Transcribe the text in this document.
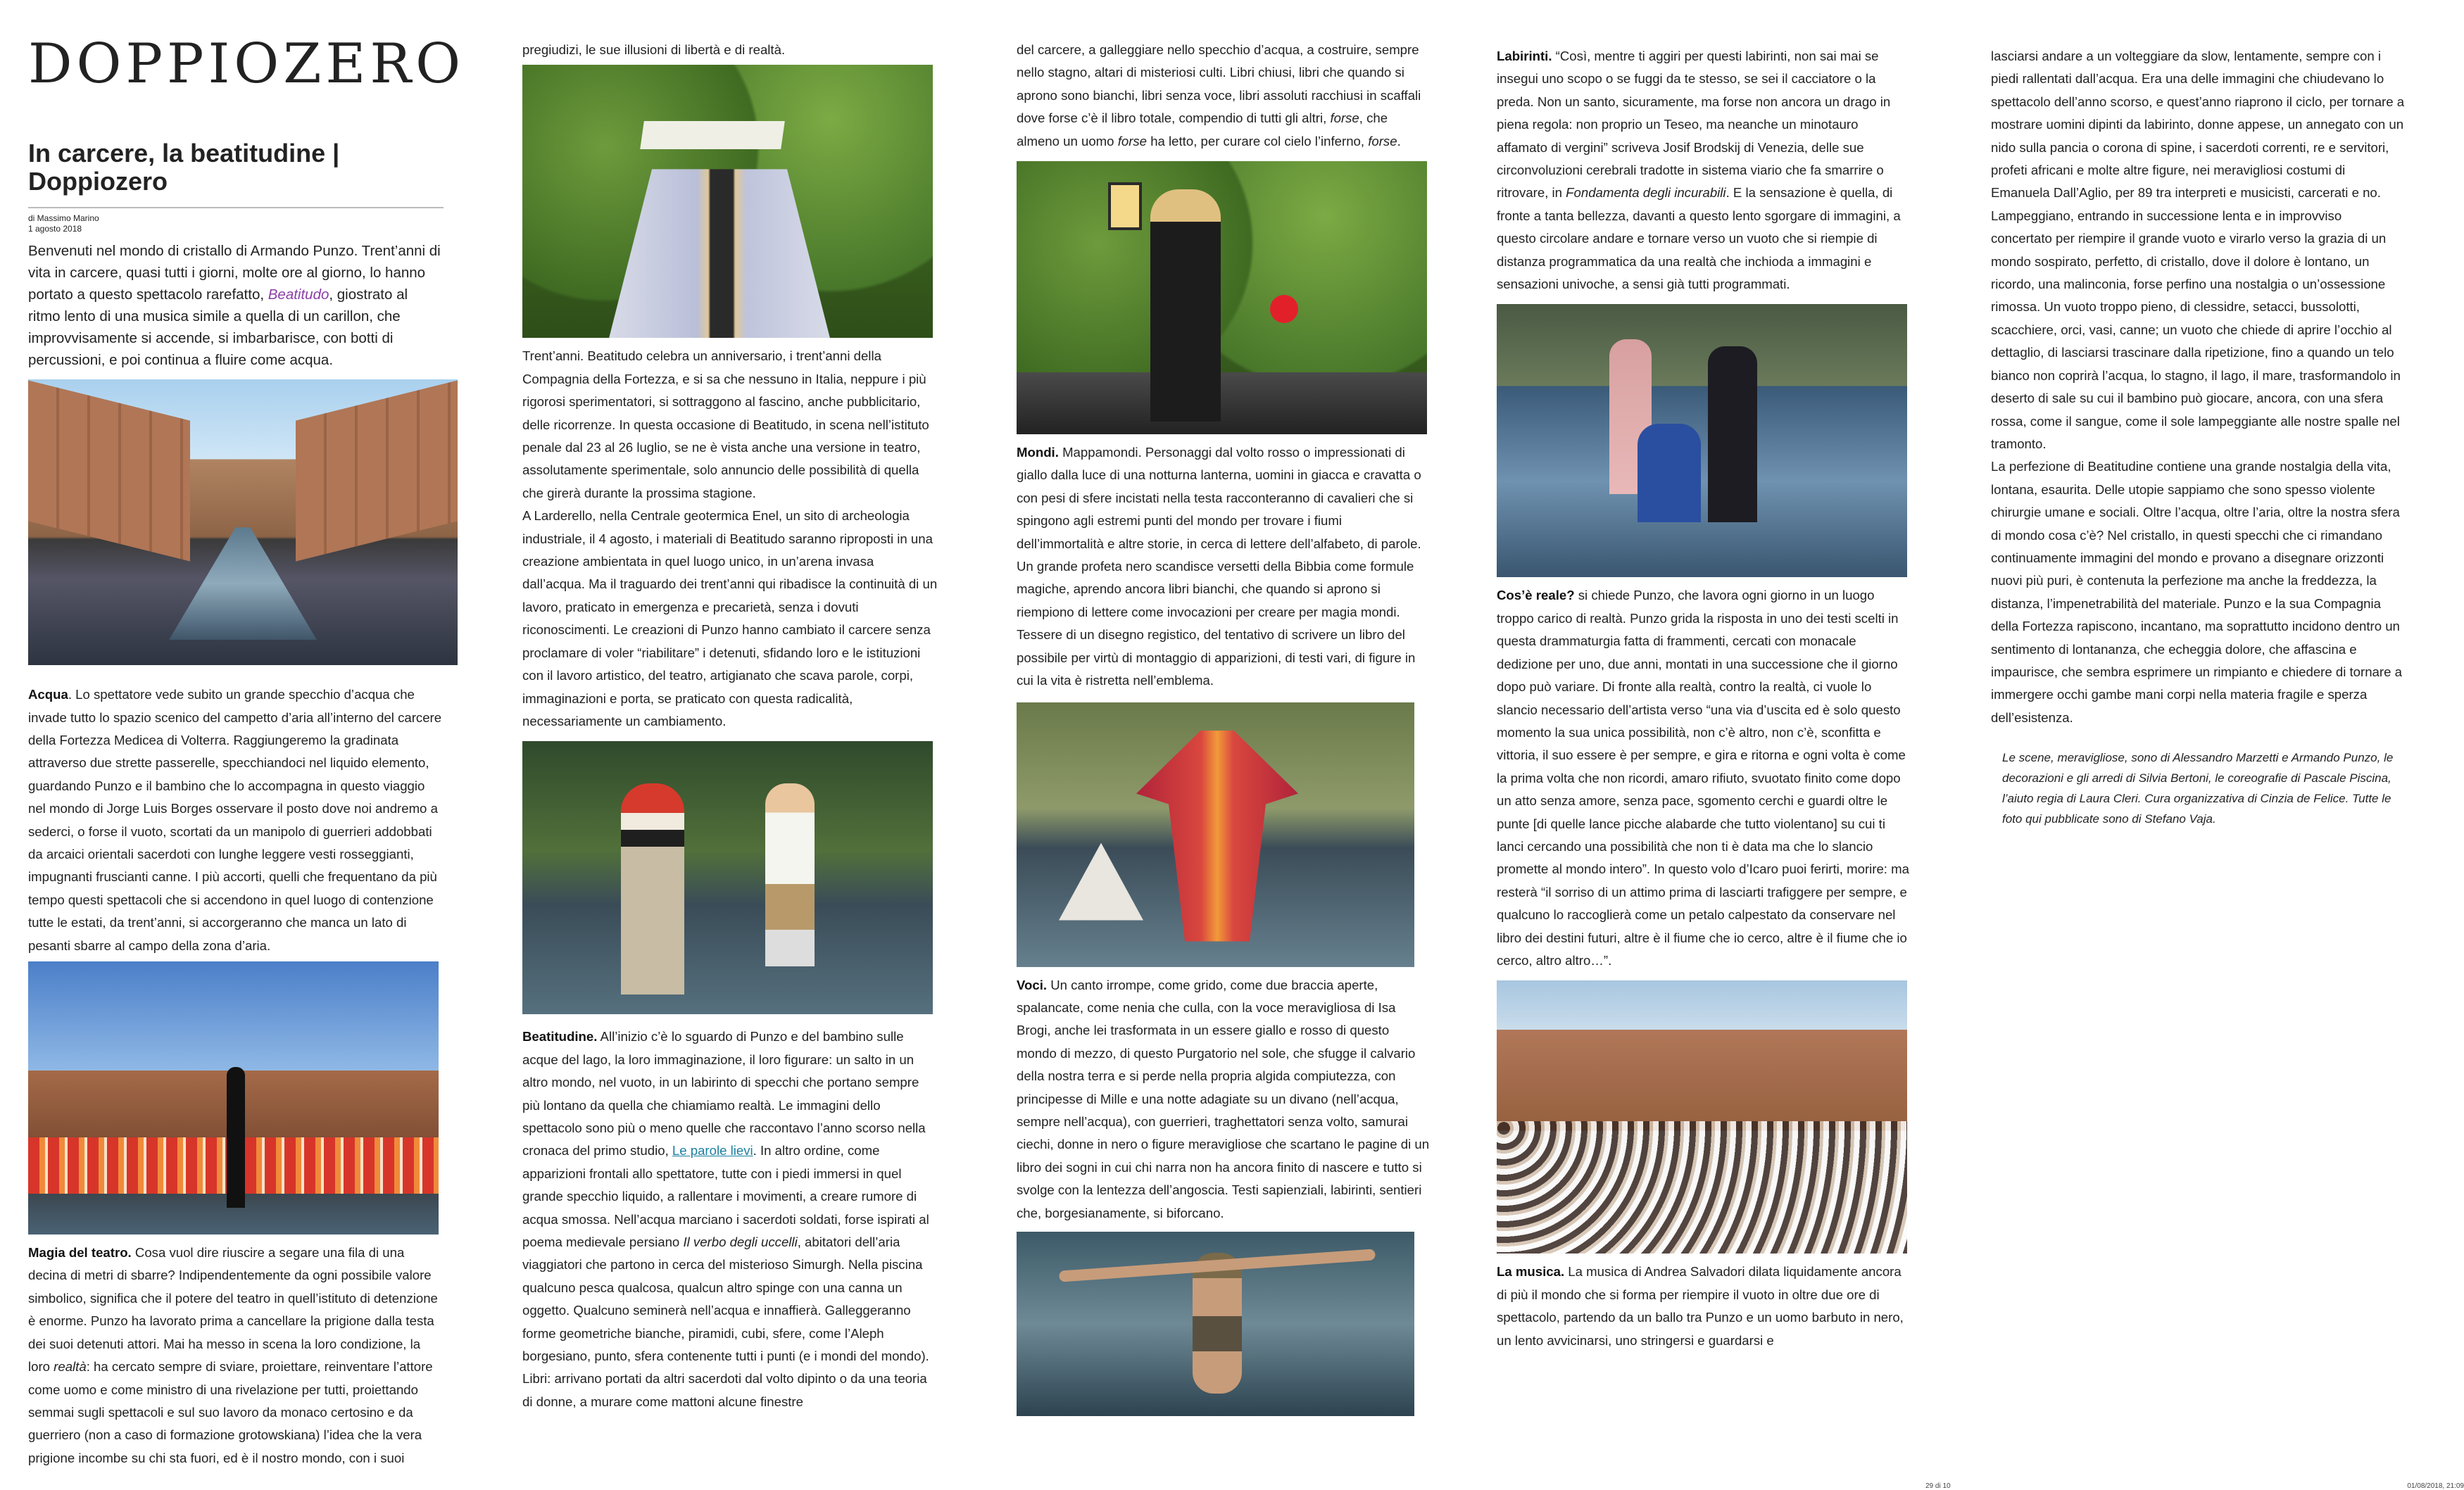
DOPPIOZERO
In carcere, la beatitudine | Doppiozero
di Massimo Marino
1 agosto 2018

Benvenuti nel mondo di cristallo di Armando Punzo. Trent’anni di vita in carcere, quasi tutti i giorni, molte ore al giorno, lo hanno portato a questo spettacolo rarefatto, Beatitudo, giostrato al ritmo lento di una musica simile a quella di un carillon, che improvvisamente si accende, si imbarbarisce, con botti di percussioni, e poi continua a fluire come acqua.

Acqua. Lo spettatore vede subito un grande specchio d’acqua che invade tutto lo spazio scenico del campetto d’aria all’interno del carcere della Fortezza Medicea di Volterra. Raggiungeremo la gradinata attraverso due strette passerelle, specchiandoci nel liquido elemento, guardando Punzo e il bambino che lo accompagna in questo viaggio nel mondo di Jorge Luis Borges osservare il posto dove noi andremo a sederci, o forse il vuoto, scortati da un manipolo di guerrieri addobbati da arcaici orientali sacerdoti con lunghe leggere vesti rosseggianti, impugnanti fruscianti canne. I più accorti, quelli che frequentano da più tempo questi spettacoli che si accendono in quel luogo di contenzione tutte le estati, da trent’anni, si accorgeranno che manca un lato di pesanti sbarre al campo della zona d’aria.

Magia del teatro. Cosa vuol dire riuscire a segare una fila di una decina di metri di sbarre? Indipendentemente da ogni possibile valore simbolico, significa che il potere del teatro in quell’istituto di detenzione è enorme. Punzo ha lavorato prima a cancellare la prigione dalla testa dei suoi detenuti attori. Mai ha messo in scena la loro condizione, la loro realtà: ha cercato sempre di sviare, proiettare, reinventare l’attore come uomo e come ministro di una rivelazione per tutti, proiettando semmai sugli spettacoli e sul suo lavoro da monaco certosino e da guerriero (non a caso di formazione grotowskiana) l’idea che la vera prigione incombe su chi sta fuori, ed è il nostro mondo, con i suoi

pregiudizi, le sue illusioni di libertà e di realtà.

Trent’anni. Beatitudo celebra un anniversario, i trent’anni della Compagnia della Fortezza, e si sa che nessuno in Italia, neppure i più rigorosi sperimentatori, si sottraggono al fascino, anche pubblicitario, delle ricorrenze. In questa occasione di Beatitudo, in scena nell’istituto penale dal 23 al 26 luglio, se ne è vista anche una versione in teatro, assolutamente sperimentale, solo annuncio delle possibilità di quella che girerà durante la prossima stagione.

A Larderello, nella Centrale geotermica Enel, un sito di archeologia industriale, il 4 agosto, i materiali di Beatitudo saranno riproposti in una creazione ambientata in quel luogo unico, in un’arena invasa dall’acqua. Ma il traguardo dei trent’anni qui ribadisce la continuità di un lavoro, praticato in emergenza e precarietà, senza i dovuti riconoscimenti. Le creazioni di Punzo hanno cambiato il carcere senza proclamare di voler “riabilitare” i detenuti, sfidando loro e le istituzioni con il lavoro artistico, del teatro, artigianato che scava parole, corpi, immaginazioni e porta, se praticato con questa radicalità, necessariamente un cambiamento.

Beatitudine. All’inizio c’è lo sguardo di Punzo e del bambino sulle acque del lago, la loro immaginazione, il loro figurare: un salto in un altro mondo, nel vuoto, in un labirinto di specchi che portano sempre più lontano da quella che chiamiamo realtà. Le immagini dello spettacolo sono più o meno quelle che raccontavo l’anno scorso nella cronaca del primo studio, Le parole lievi. In altro ordine, come apparizioni frontali allo spettatore, tutte con i piedi immersi in quel grande specchio liquido, a rallentare i movimenti, a creare rumore di acqua smossa. Nell’acqua marciano i sacerdoti soldati, forse ispirati al poema medievale persiano Il verbo degli uccelli, abitatori dell’aria viaggiatori che partono in cerca del misterioso Simurgh. Nella piscina qualcuno pesca qualcosa, qualcun altro spinge con una canna un oggetto. Qualcuno seminerà nell’acqua e innaffierà. Galleggeranno forme geometriche bianche, piramidi, cubi, sfere, come l’Aleph borgesiano, punto, sfera contenente tutti i punti (e i mondi del mondo). Libri: arrivano portati da altri sacerdoti dal volto dipinto o da una teoria di donne, a murare come mattoni alcune finestre

del carcere, a galleggiare nello specchio d’acqua, a costruire, sempre nello stagno, altari di misteriosi culti. Libri chiusi, libri che quando si aprono sono bianchi, libri senza voce, libri assoluti racchiusi in scaffali dove forse c’è il libro totale, compendio di tutti gli altri, forse, che almeno un uomo forse ha letto, per curare col cielo l’inferno, forse.

Mondi. Mappamondi. Personaggi dal volto rosso o impressionati di giallo dalla luce di una notturna lanterna, uomini in giacca e cravatta o con pesi di sfere incistati nella testa racconteranno di cavalieri che si spingono agli estremi punti del mondo per trovare i fiumi dell’immortalità e altre storie, in cerca di lettere dell’alfabeto, di parole. Un grande profeta nero scandisce versetti della Bibbia come formule magiche, aprendo ancora libri bianchi, che quando si aprono si riempiono di lettere come invocazioni per creare per magia mondi. Tessere di un disegno registico, del tentativo di scrivere un libro del possibile per virtù di montaggio di apparizioni, di testi vari, di figure in cui la vita è ristretta nell’emblema.

Voci. Un canto irrompe, come grido, come due braccia aperte, spalancate, come nenia che culla, con la voce meravigliosa di Isa Brogi, anche lei trasformata in un essere giallo e rosso di questo mondo di mezzo, di questo Purgatorio nel sole, che sfugge il calvario della nostra terra e si perde nella propria algida compiutezza, con principesse di Mille e una notte adagiate su un divano (nell’acqua, sempre nell’acqua), con guerrieri, traghettatori senza volto, samurai ciechi, donne in nero o figure meravigliose che scartano le pagine di un libro dei sogni in cui chi narra non ha ancora finito di nascere e tutto si svolge con la lentezza dell’angoscia. Testi sapienziali, labirinti, sentieri che, borgesianamente, si biforcano.

Labirinti. “Così, mentre ti aggiri per questi labirinti, non sai mai se insegui uno scopo o se fuggi da te stesso, se sei il cacciatore o la preda. Non un santo, sicuramente, ma forse non ancora un drago in piena regola: non proprio un Teseo, ma neanche un minotauro affamato di vergini” scriveva Josif Brodskij di Venezia, delle sue circonvoluzioni cerebrali tradotte in sistema viario che fa smarrire o ritrovare, in Fondamenta degli incurabili. E la sensazione è quella, di fronte a tanta bellezza, davanti a questo lento sgorgare di immagini, a questo circolare andare e tornare verso un vuoto che si riempie di distanza programmatica da una realtà che inchioda a immagini e sensazioni univoche, a sensi già tutti programmati.

Cos’è reale? si chiede Punzo, che lavora ogni giorno in un luogo troppo carico di realtà. Punzo grida la risposta in uno dei testi scelti in questa drammaturgia fatta di frammenti, cercati con monacale dedizione per uno, due anni, montati in una successione che il giorno dopo può variare. Di fronte alla realtà, contro la realtà, ci vuole lo slancio necessario dell’artista verso “una via d’uscita ed è solo questo momento la sua unica possibilità, non c’è altro, non c’è, sconfitta e vittoria, il suo essere è per sempre, e gira e ritorna e ogni volta è come la prima volta che non ricordi, amaro rifiuto, svuotato finito come dopo un atto senza amore, senza pace, sgomento cerchi e guardi oltre le punte [di quelle lance picche alabarde che tutto violentano] su cui ti lanci cercando una possibilità che non ti è data ma che lo slancio promette al mondo intero”. In questo volo d’Icaro puoi ferirti, morire: ma resterà “il sorriso di un attimo prima di lasciarti trafiggere per sempre, e qualcuno lo raccoglierà come un petalo calpestato da conservare nel libro dei destini futuri, altre è il fiume che io cerco, altre è il fiume che io cerco, altro altro…”.

La musica. La musica di Andrea Salvadori dilata liquidamente ancora di più il mondo che si forma per riempire il vuoto in oltre due ore di spettacolo, partendo da un ballo tra Punzo e un uomo barbuto in nero, un lento avvicinarsi, uno stringersi e guardarsi e

lasciarsi andare a un volteggiare da slow, lentamente, sempre con i piedi rallentati dall’acqua. Era una delle immagini che chiudevano lo spettacolo dell’anno scorso, e quest’anno riaprono il ciclo, per tornare a mostrare uomini dipinti da labirinto, donne appese, un annegato con un nido sulla pancia o corona di spine, i sacerdoti correnti, re e servitori, profeti africani e molte altre figure, nei meravigliosi costumi di Emanuela Dall’Aglio, per 89 tra interpreti e musicisti, carcerati e no. Lampeggiano, entrando in successione lenta e in improvviso concertato per riempire il grande vuoto e virarlo verso la grazia di un mondo sospirato, perfetto, di cristallo, dove il dolore è lontano, un ricordo, una malinconia, forse perfino una nostalgia o un’ossessione rimossa. Un vuoto troppo pieno, di clessidre, setacci, bussolotti, scacchiere, orci, vasi, canne; un vuoto che chiede di aprire l’occhio al dettaglio, di lasciarsi trascinare dalla ripetizione, fino a quando un telo bianco non coprirà l’acqua, lo stagno, il lago, il mare, trasformandolo in deserto di sale su cui il bambino può giocare, ancora, con una sfera rossa, come il sangue, come il sole lampeggiante alle nostre spalle nel tramonto.

La perfezione di Beatitudine contiene una grande nostalgia della vita, lontana, esaurita. Delle utopie sappiamo che sono spesso violente chirurgie umane e sociali. Oltre l’acqua, oltre l’aria, oltre la nostra sfera di mondo cosa c’è? Nel cristallo, in questi specchi che ci rimandano continuamente immagini del mondo e provano a disegnare orizzonti nuovi più puri, è contenuta la perfezione ma anche la freddezza, la distanza, l’impenetrabilità del materiale. Punzo e la sua Compagnia della Fortezza rapiscono, incantano, ma soprattutto incidono dentro un sentimento di lontananza, che echeggia dolore, che affascina e impaurisce, che sembra esprimere un rimpianto e chiedere di tornare a immergere occhi gambe mani corpi nella materia fragile e sperza dell’esistenza.

Le scene, meravigliose, sono di Alessandro Marzetti e Armando Punzo, le decorazioni e gli arredi di Silvia Bertoni, le coreografie di Pascale Piscina, l’aiuto regia di Laura Cleri. Cura organizzativa di Cinzia de Felice. Tutte le foto qui pubblicate sono di Stefano Vaja.

29 di 10	01/08/2018, 21:09
